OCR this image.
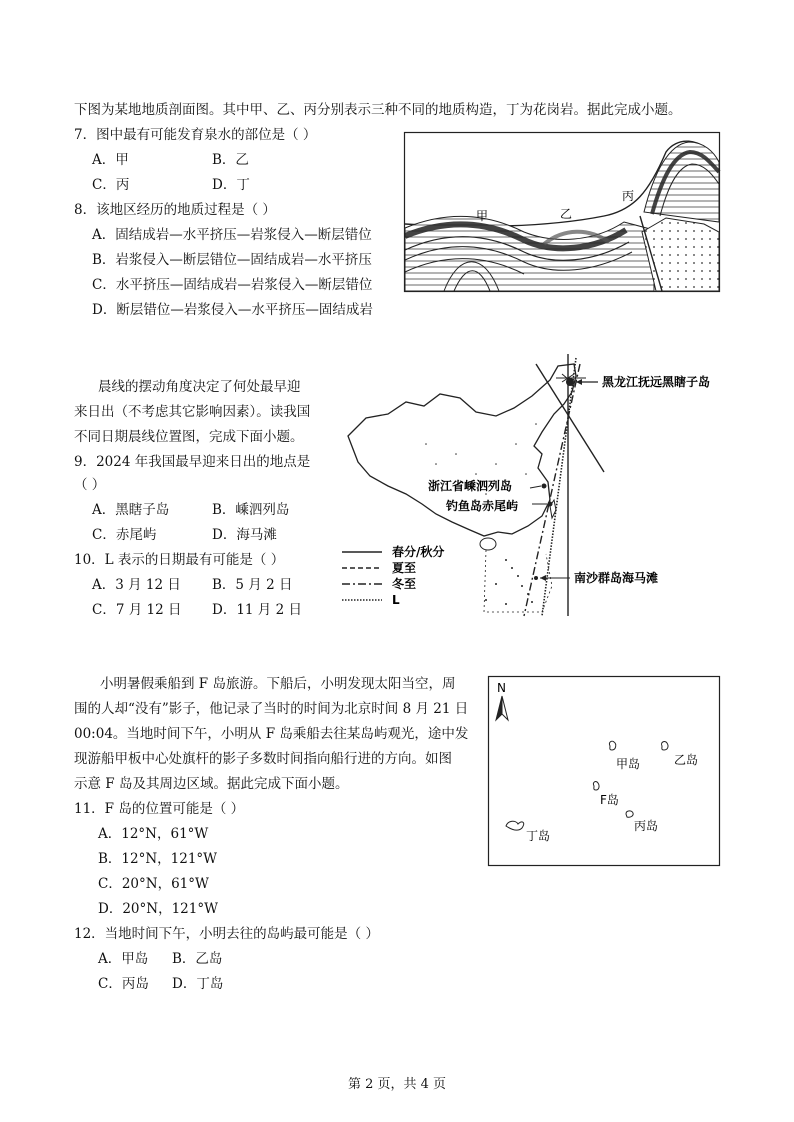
下图为某地地质剖面图。其中甲、乙、丙分别表示三种不同的地质构造，丁为花岗岩。据此完成小题。
7．图中最有可能发育泉水的部位是（ ）
A．甲	B．乙
C．丙	D．丁
8．该地区经历的地质过程是（ ）
A．固结成岩—水平挤压—岩浆侵入—断层错位
B．岩浆侵入—断层错位—固结成岩—水平挤压
C．水平挤压—固结成岩—岩浆侵入—断层错位
D．断层错位—岩浆侵入—水平挤压—固结成岩
甲	乙
丙
晨线的摆动角度决定了何处最早迎
来日出（不考虑其它影响因素）。读我国
不同日期晨线位置图，完成下面小题。
9．2024 年我国最早迎来日出的地点是
（ ）
A．黑瞎子岛	B．嵊泗列岛
C．赤尾屿	D．海马滩
10．L 表示的日期最有可能是（ ）
A．3 月 12 日 B．5 月 2 日
C．7 月 12 日 D．11 月 2 日
黑龙江抚远黑瞎子岛
浙江省嵊泗列岛
钓鱼岛赤尾屿
南沙群岛海马滩
春分/秋分
夏至
冬至
L
小明暑假乘船到 F 岛旅游。下船后，小明发现太阳当空，周
围的人却“没有”影子，他记录了当时的时间为北京时间 8 月 21 日
00:04。当地时间下午，小明从 F 岛乘船去往某岛屿观光，途中发
现游船甲板中心处旗杆的影子多数时间指向船行进的方向。如图
示意 F 岛及其周边区域。据此完成下面小题。
11．F 岛的位置可能是（ ）
A．12°N，61°W
B．12°N，121°W
C．20°N，61°W
D．20°N，121°W
12．当地时间下午，小明去往的岛屿最可能是（ ）
A．甲岛 B．乙岛
C．丙岛 D．丁岛
N
甲岛	乙岛
F岛
丙岛
丁岛
第 2 页，共 4 页
